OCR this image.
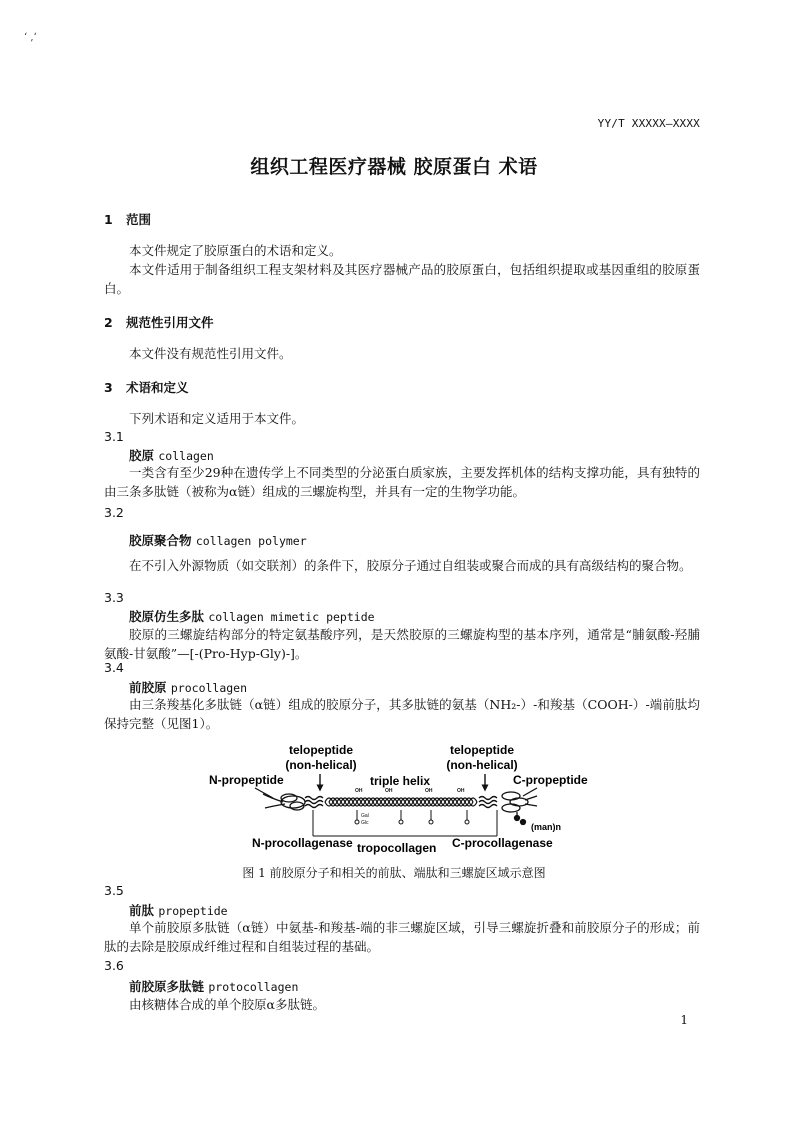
‘ ,‘
YY/T XXXXX—XXXX
组织工程医疗器械 胶原蛋白 术语
1 范围
本文件规定了胶原蛋白的术语和定义。
本文件适用于制备组织工程支架材料及其医疗器械产品的胶原蛋白，包括组织提取或基因重组的胶原蛋白。
2 规范性引用文件
本文件没有规范性引用文件。
3 术语和定义
下列术语和定义适用于本文件。
3.1
胶原 collagen
一类含有至少29种在遗传学上不同类型的分泌蛋白质家族，主要发挥机体的结构支撑功能，具有独特的由三条多肽链（被称为α链）组成的三螺旋构型，并具有一定的生物学功能。
3.2
胶原聚合物 collagen polymer
在不引入外源物质（如交联剂）的条件下，胶原分子通过自组装或聚合而成的具有高级结构的聚合物。
3.3
胶原仿生多肽 collagen mimetic peptide
胶原的三螺旋结构部分的特定氨基酸序列，是天然胶原的三螺旋构型的基本序列，通常是“脯氨酸-羟脯氨酸-甘氨酸”—[-(Pro-Hyp-Gly)-]。
3.4
前胶原 procollagen
由三条羧基化多肽链（α链）组成的胶原分子，其多肽链的氨基（NH₂-）-和羧基（COOH-）-端前肽均保持完整（见图1）。
telopeptide
(non-helical)
telopeptide
(non-helical)
N-propeptide	triple helix	C-propeptide
OH	OH	OH	OH
Gal
Glc	(man)n
N-procollagenase tropocollagen C-procollagenase
图 1 前胶原分子和相关的前肽、端肽和三螺旋区域示意图
3.5
前肽 propeptide
单个前胶原多肽链（α链）中氨基-和羧基-端的非三螺旋区域，引导三螺旋折叠和前胶原分子的形成；前肽的去除是胶原成纤维过程和自组装过程的基础。
3.6
前胶原多肽链 protocollagen
由核糖体合成的单个胶原α多肽链。
1
